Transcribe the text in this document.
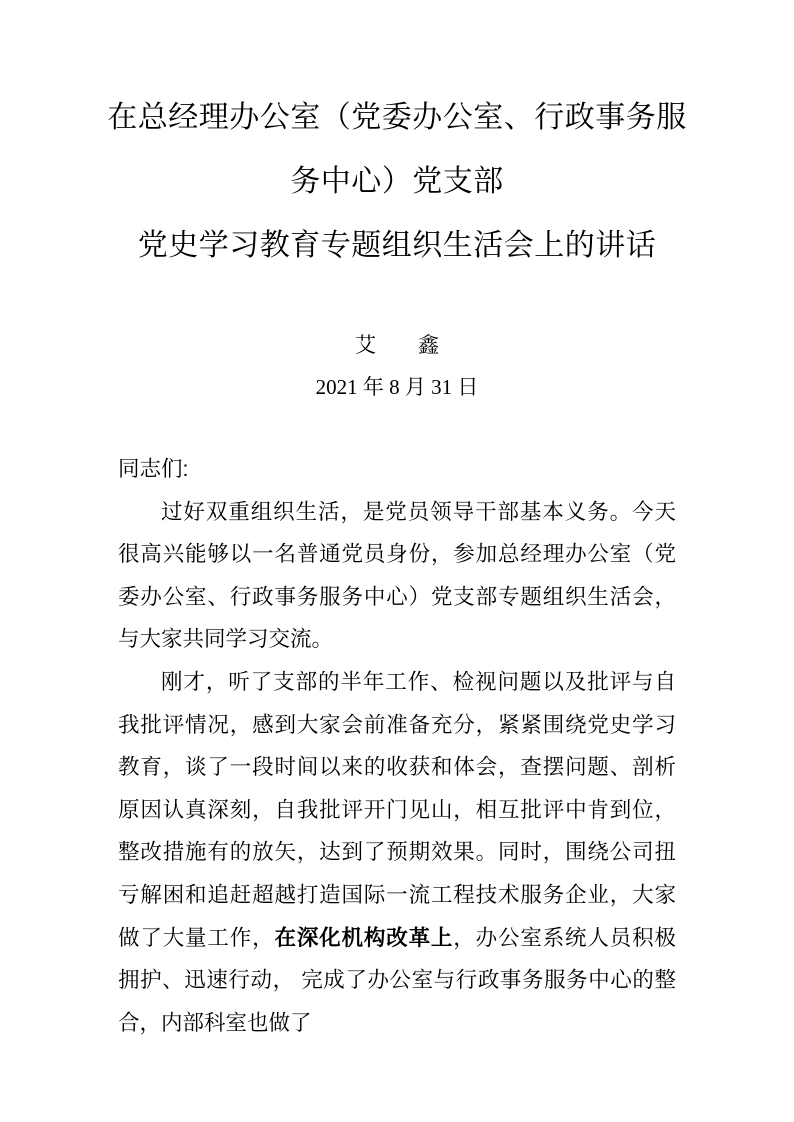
在总经理办公室（党委办公室、行政事务服
务中心）党支部
党史学习教育专题组织生活会上的讲话
艾　　鑫
2021 年 8 月 31 日

同志们:

过好双重组织生活，是党员领导干部基本义务。今天很高兴能够以一名普通党员身份，参加总经理办公室（党委办公室、行政事务服务中心）党支部专题组织生活会，与大家共同学习交流。

刚才，听了支部的半年工作、检视问题以及批评与自我批评情况，感到大家会前准备充分，紧紧围绕党史学习教育，谈了一段时间以来的收获和体会，查摆问题、剖析原因认真深刻，自我批评开门见山，相互批评中肯到位，整改措施有的放矢，达到了预期效果。同时，围绕公司扭亏解困和追赶超越打造国际一流工程技术服务企业，大家做了大量工作，在深化机构改革上，办公室系统人员积极拥护、迅速行动， 完成了办公室与行政事务服务中心的整合，内部科室也做了
